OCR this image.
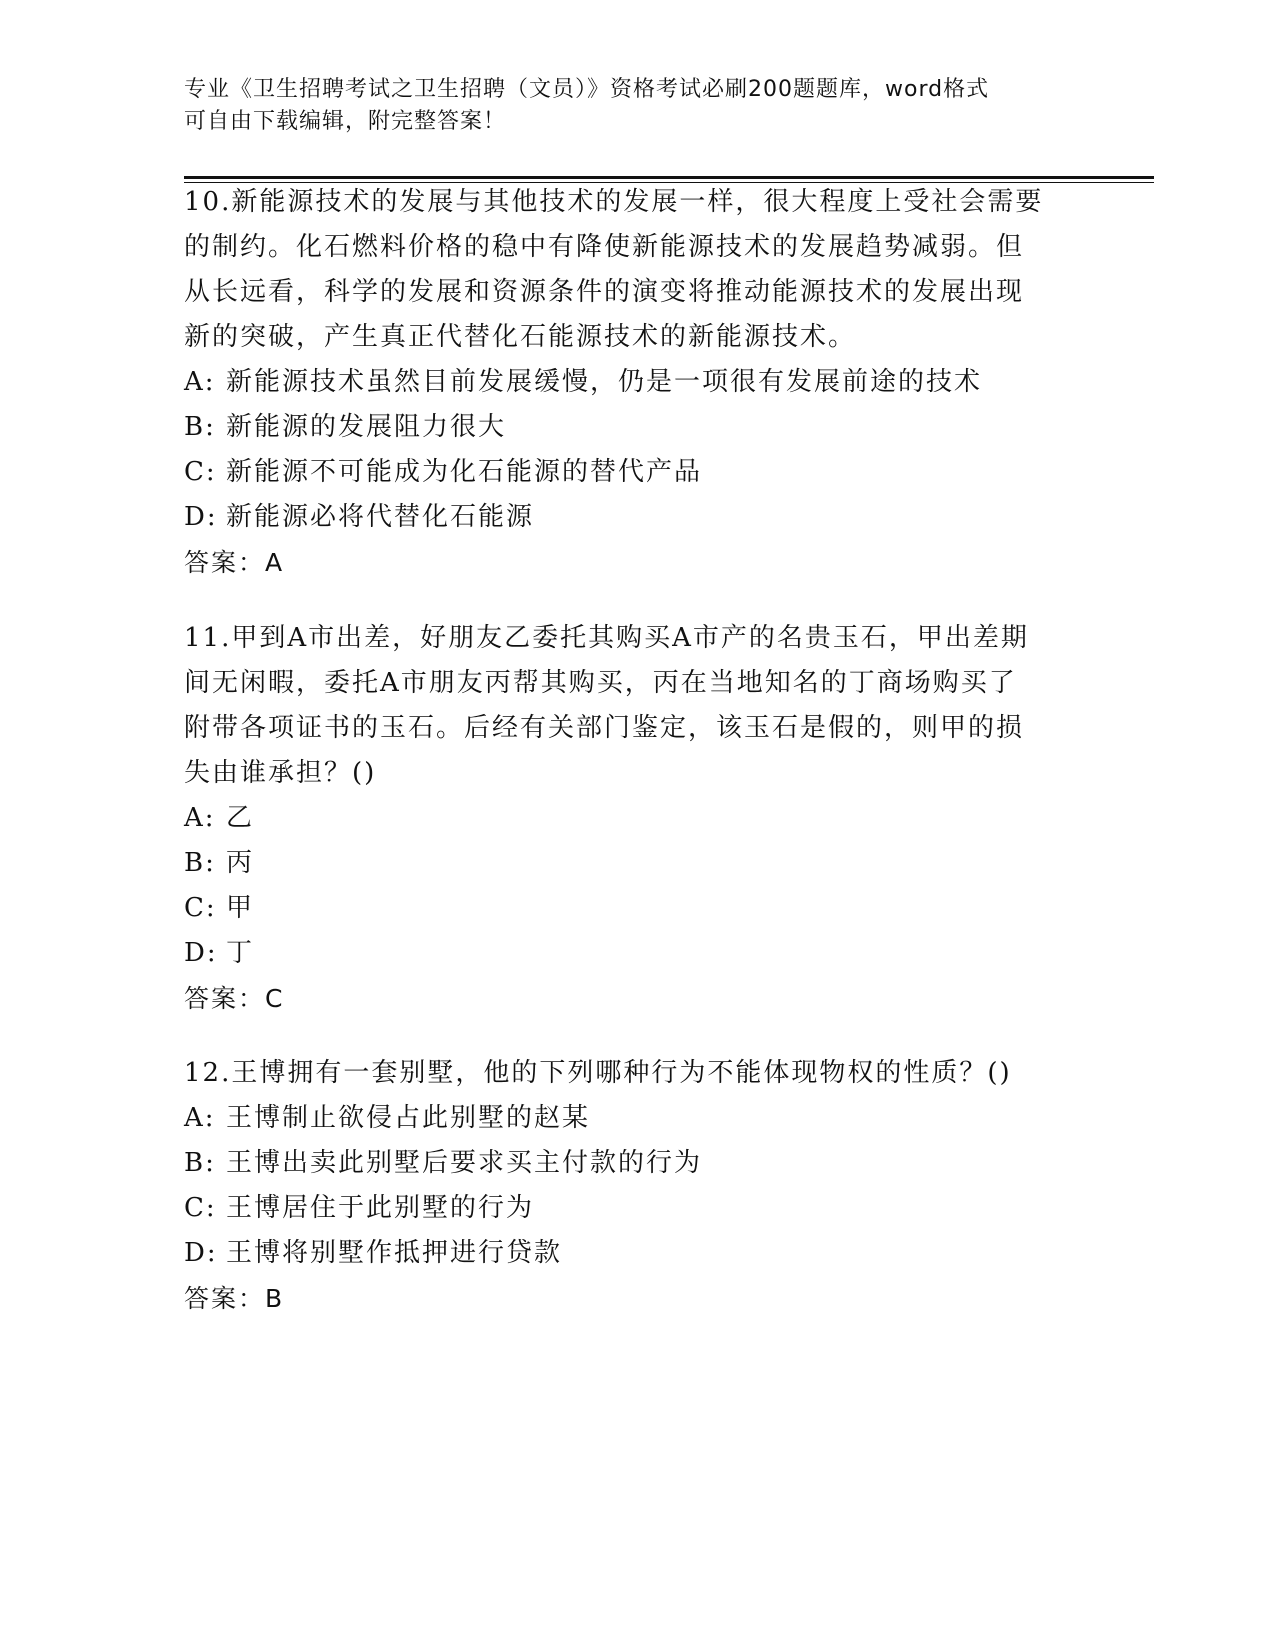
专业《卫生招聘考试之卫生招聘（文员）》资格考试必刷200题题库，word格式
可自由下载编辑，附完整答案！
10.新能源技术的发展与其他技术的发展一样，很大程度上受社会需要
的制约。化石燃料价格的稳中有降使新能源技术的发展趋势减弱。但
从长远看，科学的发展和资源条件的演变将推动能源技术的发展出现
新的突破，产生真正代替化石能源技术的新能源技术。
A: 新能源技术虽然目前发展缓慢，仍是一项很有发展前途的技术
B: 新能源的发展阻力很大
C: 新能源不可能成为化石能源的替代产品
D: 新能源必将代替化石能源
答案：A
11.甲到A市出差，好朋友乙委托其购买A市产的名贵玉石，甲出差期
间无闲暇，委托A市朋友丙帮其购买，丙在当地知名的丁商场购买了
附带各项证书的玉石。后经有关部门鉴定，该玉石是假的，则甲的损
失由谁承担？()
A: 乙
B: 丙
C: 甲
D: 丁
答案：C
12.王博拥有一套别墅，他的下列哪种行为不能体现物权的性质？()
A: 王博制止欲侵占此别墅的赵某
B: 王博出卖此别墅后要求买主付款的行为
C: 王博居住于此别墅的行为
D: 王博将别墅作抵押进行贷款
答案：B
